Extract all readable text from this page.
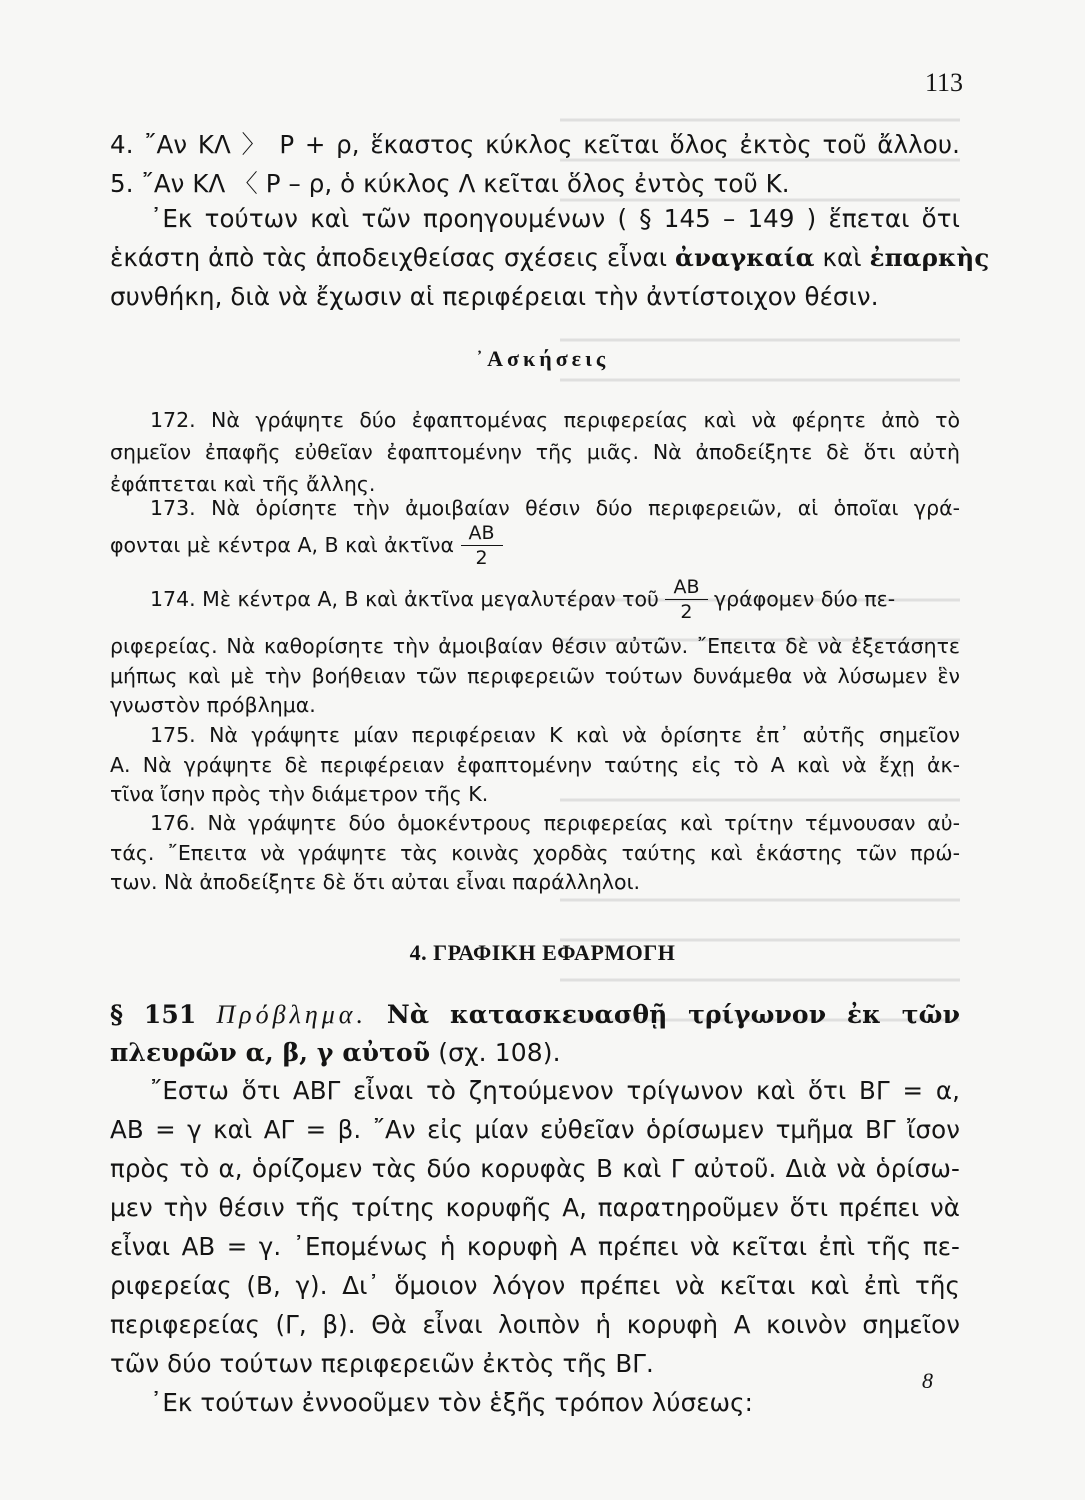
113
4. ῎Αν ΚΛ 〉 Ρ + ρ, ἕκαστος κύκλος κεῖται ὅλος ἐκτὸς τοῦ ἄλλου.
5. ῎Αν ΚΛ 〈 Ρ – ρ, ὁ κύκλος Λ κεῖται ὅλος ἐντὸς τοῦ Κ.
᾿Εκ τούτων καὶ τῶν προηγουμένων ( § 145 – 149 ) ἕπεται ὅτι
ἑκάστη ἀπὸ τὰς ἀποδειχθείσας σχέσεις εἶναι ἀναγκαία καὶ ἐπαρκὴς
συνθήκη, διὰ νὰ ἔχωσιν αἱ περιφέρειαι τὴν ἀντίστοιχον θέσιν.
᾿Ασκήσεις
172. Νὰ γράψητε δύο ἐφαπτομένας περιφερείας καὶ νὰ φέρητε ἀπὸ τὸ
σημεῖον ἐπαφῆς εὐθεῖαν ἐφαπτομένην τῆς μιᾶς. Νὰ ἀποδείξητε δὲ ὅτι αὐτὴ
ἐφάπτεται καὶ τῆς ἄλλης.
173. Νὰ ὁρίσητε τὴν ἀμοιβαίαν θέσιν δύο περιφερειῶν, αἱ ὁποῖαι γρά-
φονται μὲ κέντρα Α, Β καὶ ἀκτῖνα $\frac{AB}{2}$
174. Μὲ κέντρα Α, Β καὶ ἀκτῖνα μεγαλυτέραν τοῦ $\frac{AB}{2}$ γράφομεν δύο πε-
ριφερείας. Νὰ καθορίσητε τὴν ἀμοιβαίαν θέσιν αὐτῶν. ῎Επειτα δὲ νὰ ἐξετάσητε
μήπως καὶ μὲ τὴν βοήθειαν τῶν περιφερειῶν τούτων δυνάμεθα νὰ λύσωμεν ἓν
γνωστὸν πρόβλημα.
175. Νὰ γράψητε μίαν περιφέρειαν Κ καὶ νὰ ὁρίσητε ἐπ᾿ αὐτῆς σημεῖον
Α. Νὰ γράψητε δὲ περιφέρειαν ἐφαπτομένην ταύτης εἰς τὸ Α καὶ νὰ ἔχῃ ἀκ-
τῖνα ἴσην πρὸς τὴν διάμετρον τῆς Κ.
176. Νὰ γράψητε δύο ὁμοκέντρους περιφερείας καὶ τρίτην τέμνουσαν αὐ-
τάς. ῎Επειτα νὰ γράψητε τὰς κοινὰς χορδὰς ταύτης καὶ ἑκάστης τῶν πρώ-
των. Νὰ ἀποδείξητε δὲ ὅτι αὐται εἶναι παράλληλοι.
4. ΓΡΑΦΙΚΗ ΕΦΑΡΜΟΓΗ
§ 151 Πρόβλημα. Νὰ κατασκευασθῇ τρίγωνον ἐκ τῶν
πλευρῶν α, β, γ αὐτοῦ (σχ. 108).
῎Εστω ὅτι ΑΒΓ εἶναι τὸ ζητούμενον τρίγωνον καὶ ὅτι ΒΓ = α,
ΑΒ = γ καὶ ΑΓ = β. ῎Αν εἰς μίαν εὐθεῖαν ὁρίσωμεν τμῆμα ΒΓ ἴσον
πρὸς τὸ α, ὁρίζομεν τὰς δύο κορυφὰς Β καὶ Γ αὐτοῦ. Διὰ νὰ ὁρίσω-
μεν τὴν θέσιν τῆς τρίτης κορυφῆς Α, παρατηροῦμεν ὅτι πρέπει νὰ
εἶναι ΑΒ = γ. ᾿Επομένως ἡ κορυφὴ Α πρέπει νὰ κεῖται ἐπὶ τῆς πε-
ριφερείας (Β, γ). Δι᾿ ὅμοιον λόγον πρέπει νὰ κεῖται καὶ ἐπὶ τῆς
περιφερείας (Γ, β). Θὰ εἶναι λοιπὸν ἡ κορυφὴ Α κοινὸν σημεῖον
τῶν δύο τούτων περιφερειῶν ἐκτὸς τῆς ΒΓ.
᾿Εκ τούτων ἐννοοῦμεν τὸν ἑξῆς τρόπον λύσεως:
8
